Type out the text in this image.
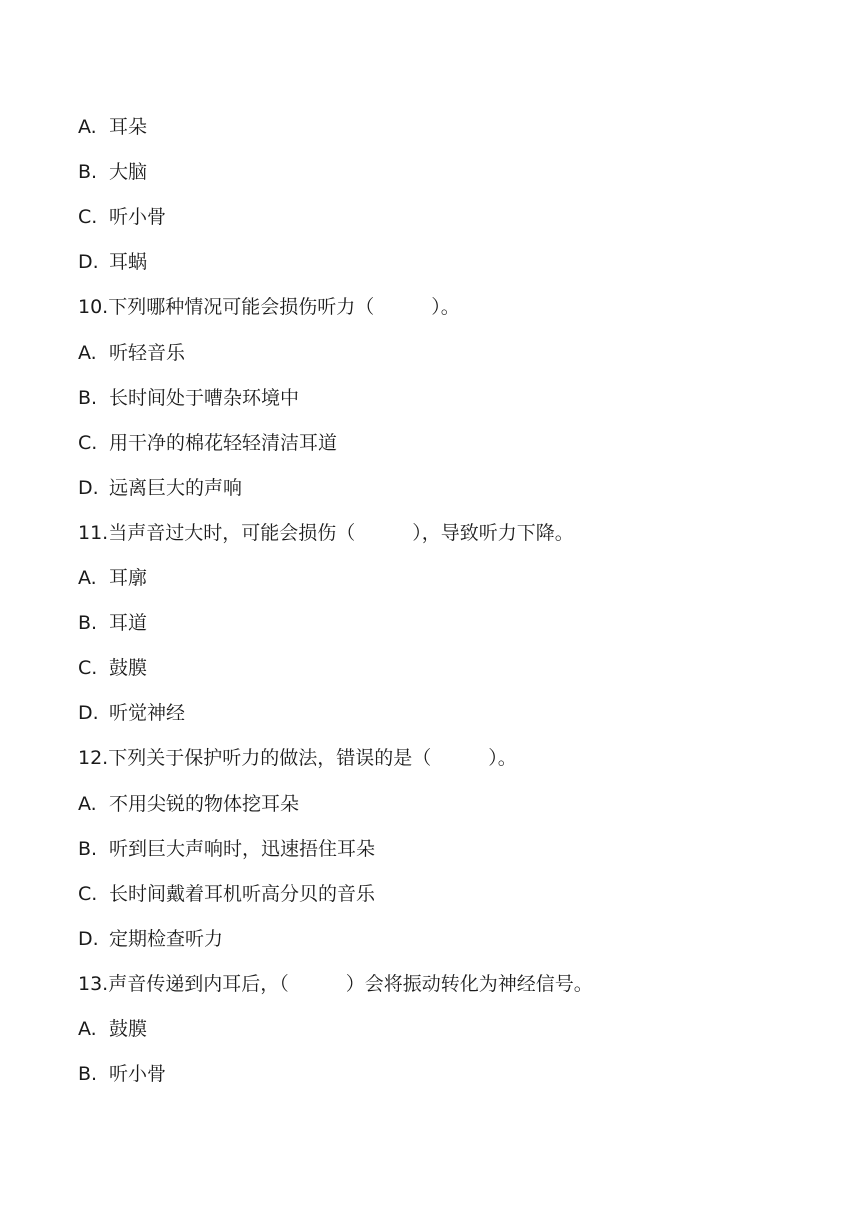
A. 耳朵
B. 大脑
C. 听小骨
D. 耳蜗
10.下列哪种情况可能会损伤听力（　　　）。
A. 听轻音乐
B. 长时间处于嘈杂环境中
C. 用干净的棉花轻轻清洁耳道
D. 远离巨大的声响
11.当声音过大时，可能会损伤（　　　），导致听力下降。
A. 耳廓
B. 耳道
C. 鼓膜
D. 听觉神经
12.下列关于保护听力的做法，错误的是（　　　）。
A. 不用尖锐的物体挖耳朵
B. 听到巨大声响时，迅速捂住耳朵
C. 长时间戴着耳机听高分贝的音乐
D. 定期检查听力
13.声音传递到内耳后，（　　　）会将振动转化为神经信号。
A. 鼓膜
B. 听小骨
